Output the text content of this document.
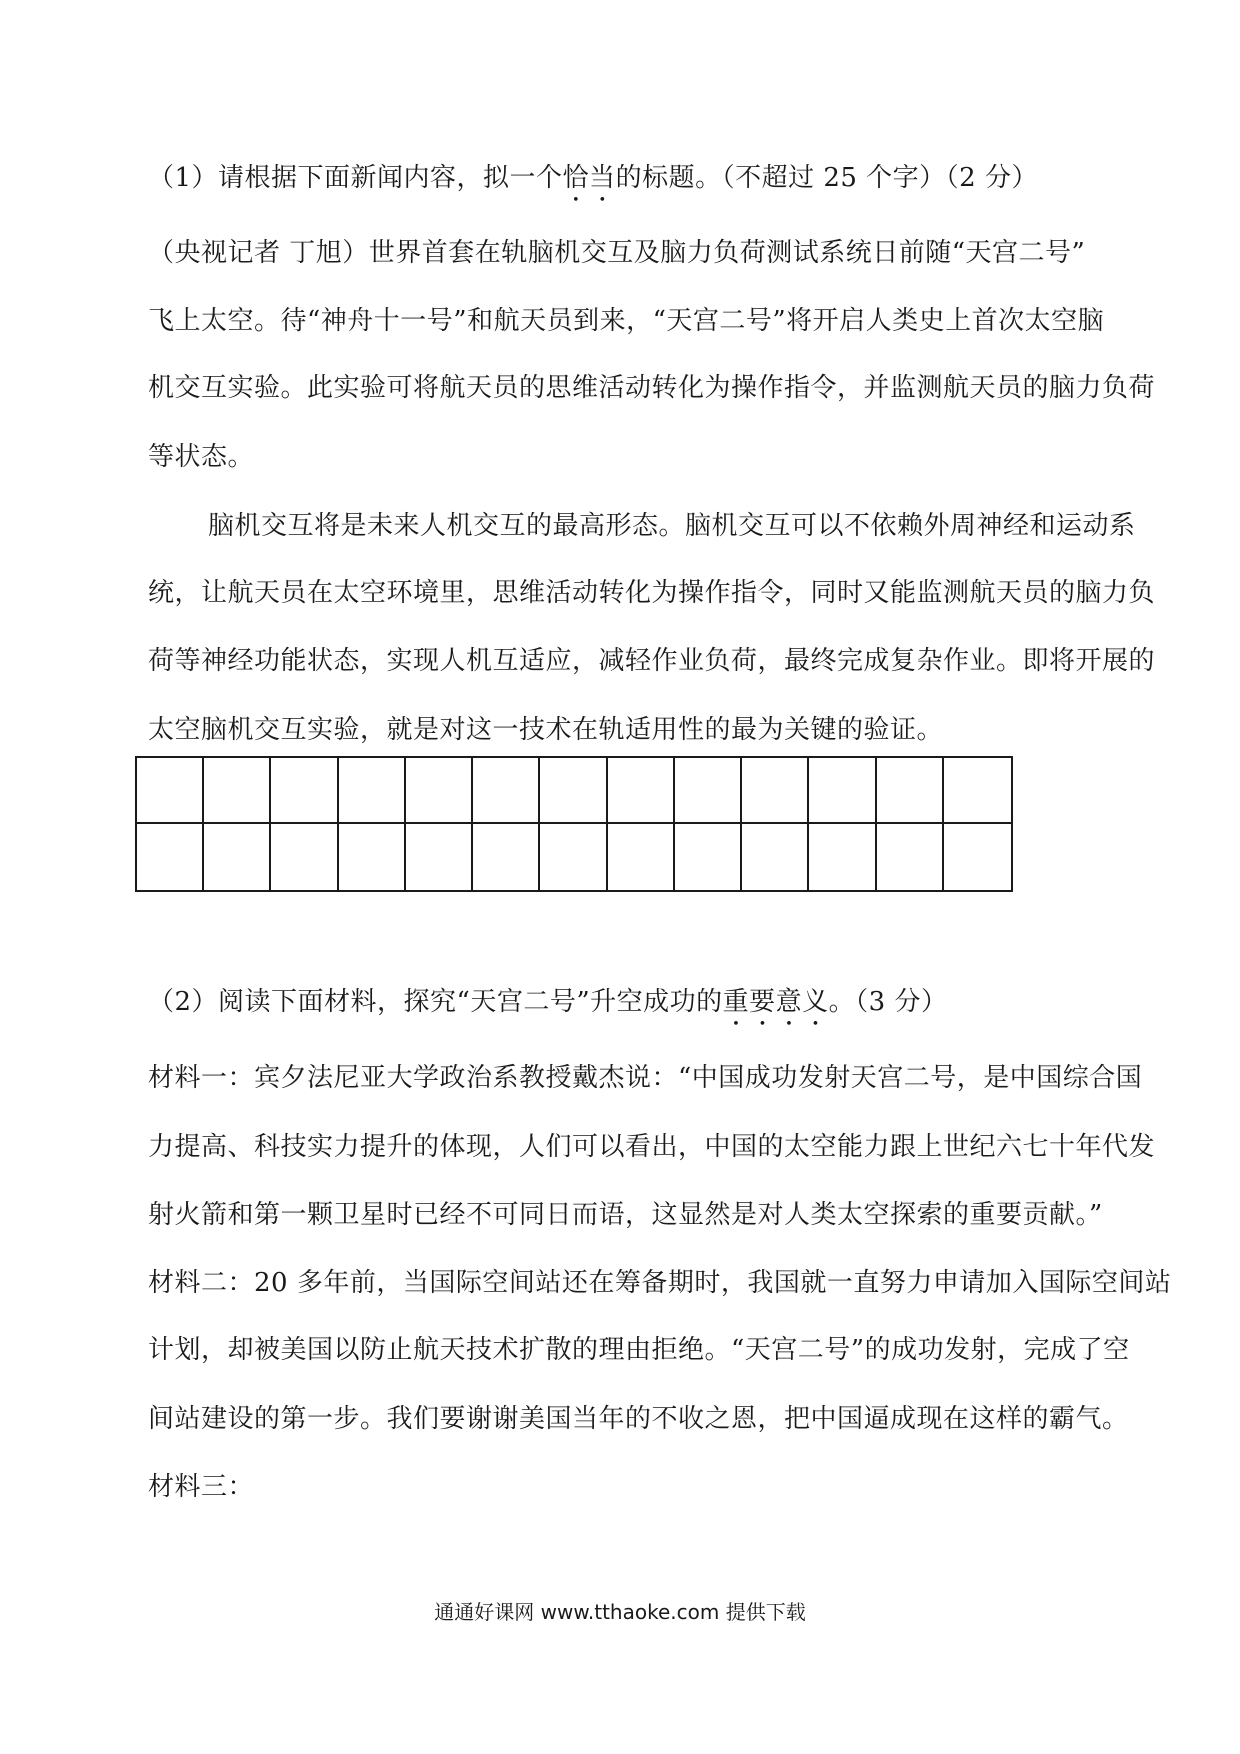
（1）请根据下面新闻内容，拟一个恰当的标题。（不超过 25 个字）（2 分）
（央视记者 丁旭）世界首套在轨脑机交互及脑力负荷测试系统日前随“天宫二号”
飞上太空。待“神舟十一号”和航天员到来，“天宫二号”将开启人类史上首次太空脑
机交互实验。此实验可将航天员的思维活动转化为操作指令，并监测航天员的脑力负荷
等状态。
脑机交互将是未来人机交互的最高形态。脑机交互可以不依赖外周神经和运动系
统，让航天员在太空环境里，思维活动转化为操作指令，同时又能监测航天员的脑力负
荷等神经功能状态，实现人机互适应，减轻作业负荷，最终完成复杂作业。即将开展的
太空脑机交互实验，就是对这一技术在轨适用性的最为关键的验证。
（2）阅读下面材料，探究“天宫二号”升空成功的重要意义。（3 分）
材料一：宾夕法尼亚大学政治系教授戴杰说：“中国成功发射天宫二号，是中国综合国
力提高、科技实力提升的体现，人们可以看出，中国的太空能力跟上世纪六七十年代发
射火箭和第一颗卫星时已经不可同日而语，这显然是对人类太空探索的重要贡献。”
材料二：20 多年前，当国际空间站还在筹备期时，我国就一直努力申请加入国际空间站
计划，却被美国以防止航天技术扩散的理由拒绝。“天宫二号”的成功发射，完成了空
间站建设的第一步。我们要谢谢美国当年的不收之恩，把中国逼成现在这样的霸气。
材料三：
通通好课网 www.tthaoke.com 提供下载
